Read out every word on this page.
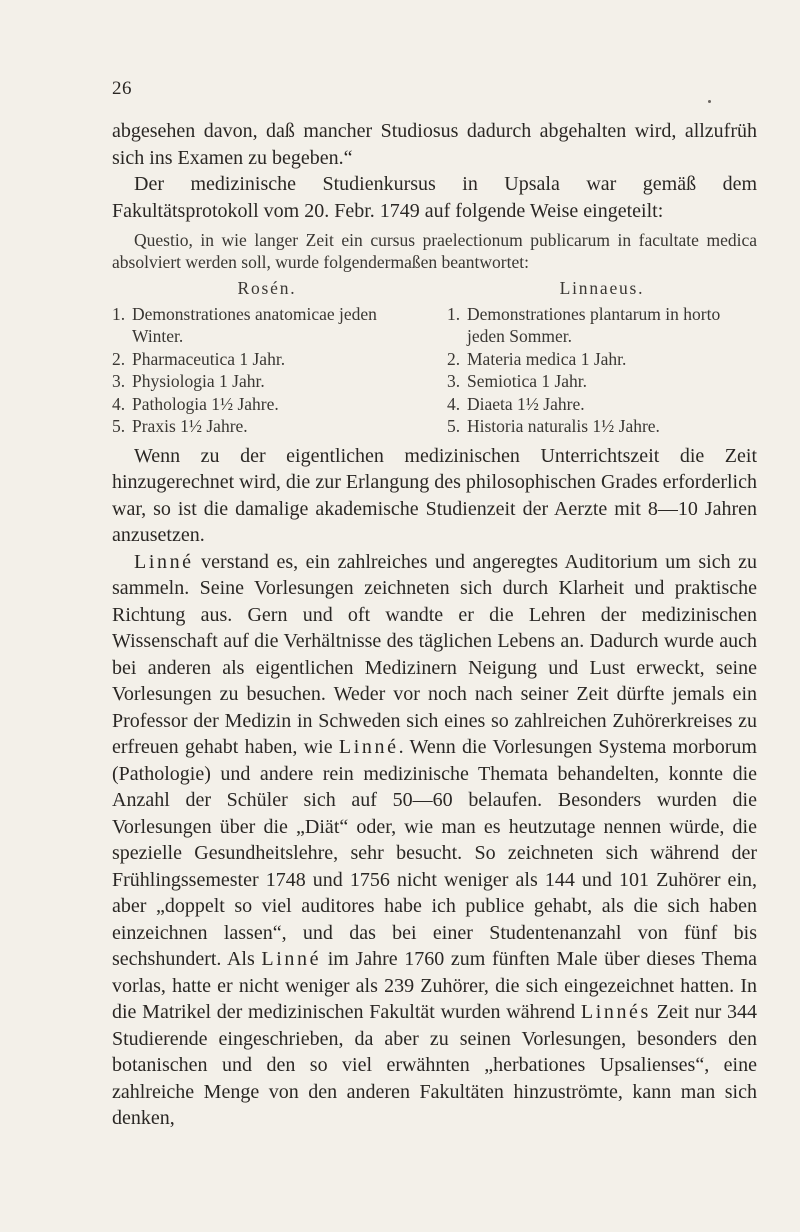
26

abgesehen davon, daß mancher Studiosus dadurch abgehalten wird, allzufrüh sich ins Examen zu begeben.“

Der medizinische Studienkursus in Upsala war gemäß dem Fakultätsprotokoll vom 20. Febr. 1749 auf folgende Weise eingeteilt:

Questio, in wie langer Zeit ein cursus praelectionum publicarum in facultate medica absolviert werden soll, wurde folgendermaßen beantwortet:

Rosén.
1. Demonstrationes anatomicae jeden Winter.
2. Pharmaceutica 1 Jahr.
3. Physiologia 1 Jahr.
4. Pathologia 1½ Jahre.
5. Praxis 1½ Jahre.
Linnaeus.
1. Demonstrationes plantarum in horto jeden Sommer.
2. Materia medica 1 Jahr.
3. Semiotica 1 Jahr.
4. Diaeta 1½ Jahre.
5. Historia naturalis 1½ Jahre.

Wenn zu der eigentlichen medizinischen Unterrichtszeit die Zeit hinzugerechnet wird, die zur Erlangung des philosophischen Grades erforderlich war, so ist die damalige akademische Studienzeit der Aerzte mit 8—10 Jahren anzusetzen.

Linné verstand es, ein zahlreiches und angeregtes Auditorium um sich zu sammeln. Seine Vorlesungen zeichneten sich durch Klarheit und praktische Richtung aus. Gern und oft wandte er die Lehren der medizinischen Wissenschaft auf die Verhältnisse des täglichen Lebens an. Dadurch wurde auch bei anderen als eigentlichen Medizinern Neigung und Lust erweckt, seine Vorlesungen zu besuchen. Weder vor noch nach seiner Zeit dürfte jemals ein Professor der Medizin in Schweden sich eines so zahlreichen Zuhörerkreises zu erfreuen gehabt haben, wie Linné. Wenn die Vorlesungen Systema morborum (Pathologie) und andere rein medizinische Themata behandelten, konnte die Anzahl der Schüler sich auf 50—60 belaufen. Besonders wurden die Vorlesungen über die „Diät“ oder, wie man es heutzutage nennen würde, die spezielle Gesundheitslehre, sehr besucht. So zeichneten sich während der Frühlingssemester 1748 und 1756 nicht weniger als 144 und 101 Zuhörer ein, aber „doppelt so viel auditores habe ich publice gehabt, als die sich haben einzeichnen lassen“, und das bei einer Studentenanzahl von fünf bis sechshundert. Als Linné im Jahre 1760 zum fünften Male über dieses Thema vorlas, hatte er nicht weniger als 239 Zuhörer, die sich eingezeichnet hatten. In die Matrikel der medizinischen Fakultät wurden während Linnés Zeit nur 344 Studierende eingeschrieben, da aber zu seinen Vorlesungen, besonders den botanischen und den so viel erwähnten „herbationes Upsalienses“, eine zahlreiche Menge von den anderen Fakultäten hinzuströmte, kann man sich denken,
